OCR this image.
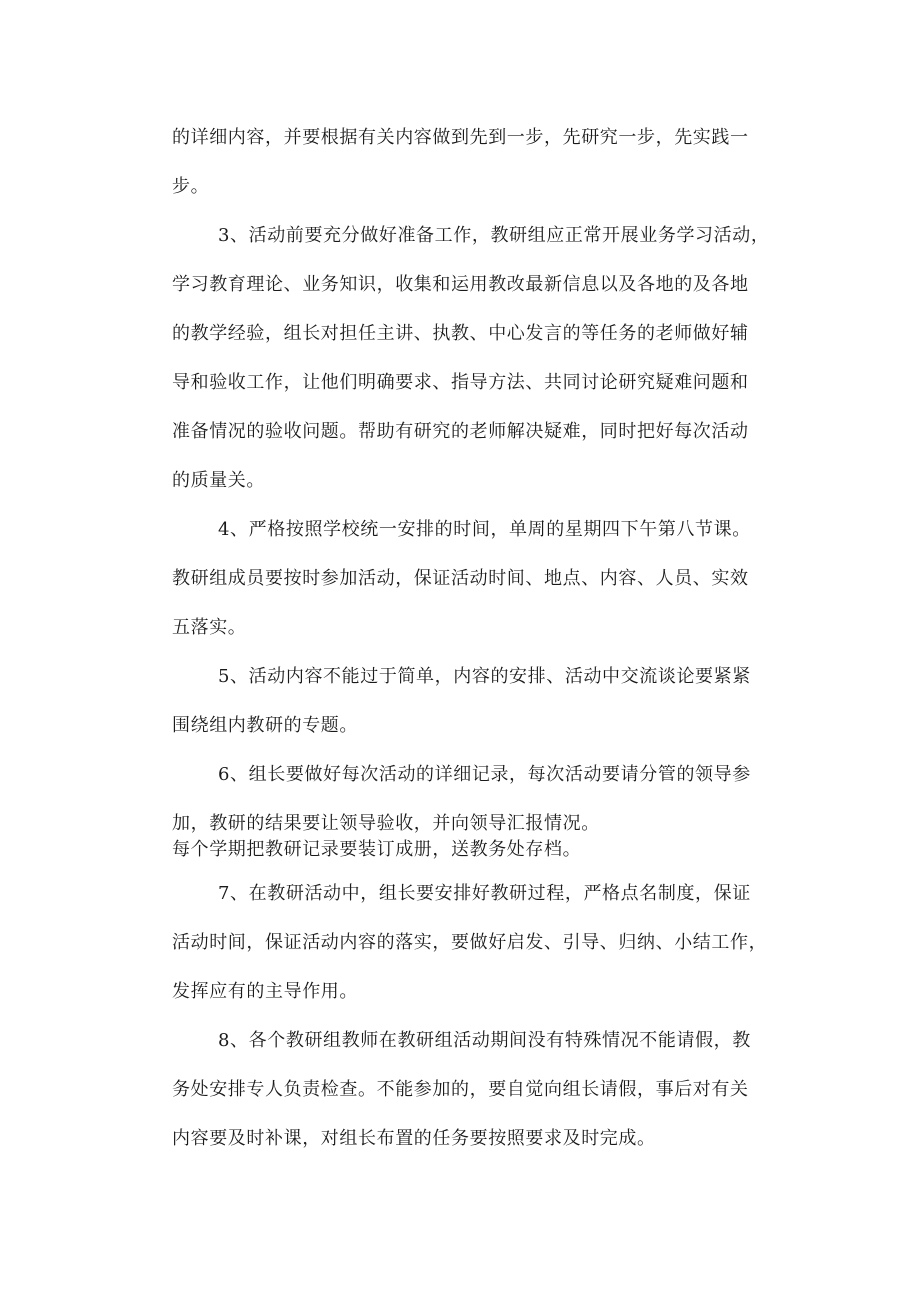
的详细内容，并要根据有关内容做到先到一步，先研究一步，先实践一
步。
3、活动前要充分做好准备工作，教研组应正常开展业务学习活动，
学习教育理论、业务知识，收集和运用教改最新信息以及各地的及各地
的教学经验，组长对担任主讲、执教、中心发言的等任务的老师做好辅
导和验收工作，让他们明确要求、指导方法、共同讨论研究疑难问题和
准备情况的验收问题。帮助有研究的老师解决疑难，同时把好每次活动
的质量关。
4、严格按照学校统一安排的时间，单周的星期四下午第八节课。
教研组成员要按时参加活动，保证活动时间、地点、内容、人员、实效
五落实。
5、活动内容不能过于简单，内容的安排、活动中交流谈论要紧紧
围绕组内教研的专题。
6、组长要做好每次活动的详细记录，每次活动要请分管的领导参
加，教研的结果要让领导验收，并向领导汇报情况。
每个学期把教研记录要装订成册，送教务处存档。
7、在教研活动中，组长要安排好教研过程，严格点名制度，保证
活动时间，保证活动内容的落实，要做好启发、引导、归纳、小结工作，
发挥应有的主导作用。
8、各个教研组教师在教研组活动期间没有特殊情况不能请假，教
务处安排专人负责检查。不能参加的，要自觉向组长请假，事后对有关
内容要及时补课，对组长布置的任务要按照要求及时完成。
